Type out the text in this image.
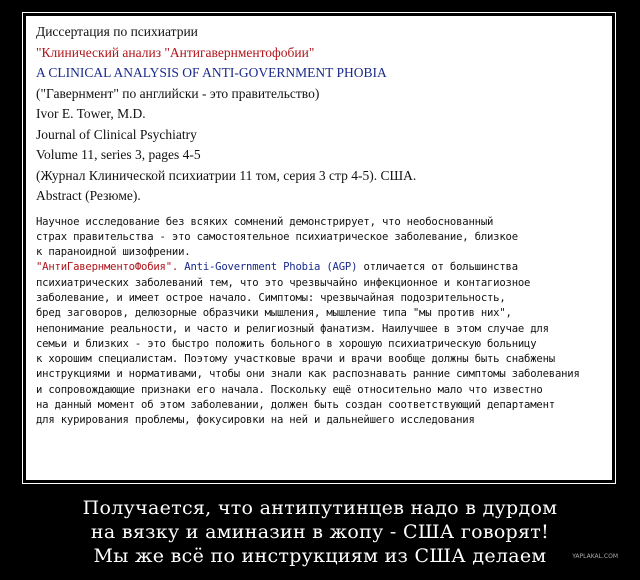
Диссертация по психиатрии
"Клинический анализ "Антигавернментофобии"
A CLINICAL ANALYSIS OF ANTI-GOVERNMENT PHOBIA
("Гавернмент" по английски - это правительство)
Ivor E. Tower, M.D.
Journal of Clinical Psychiatry
Volume 11, series 3, pages 4-5
(Журнал Клинической психиатрии 11 том, серия 3 стр 4-5). США.
Abstract (Резюме).
Научное исследование без всяких сомнений демонстрирует, что необоснованный
страх правительства - это самостоятельное психиатрическое заболевание, близкое
к параноидной шизофрении.
"АнтиГавернментоФобия". Anti-Government Phobia (AGP) отличается от большинства
психиатрических заболеваний тем, что это чрезвычайно инфекционное и контагиозное
заболевание, и имеет острое начало. Симптомы: чрезвычайная подозрительность,
бред заговоров, делюзорные образчики мышления, мышление типа "мы против них",
непонимание реальности, и часто и религиозный фанатизм. Наилучшее в этом случае для
семьи и близких - это быстро положить больного в хорошую психиатрическую больницу
к хорошим специалистам. Поэтому участковые врачи и врачи вообще должны быть снабжены
инструкциями и нормативами, чтобы они знали как распознавать ранние симптомы заболевания
и сопровождающие признаки его начала. Поскольку ещё относительно мало что известно
на данный момент об этом заболевании, должен быть создан соответствующий департамент
для курирования проблемы, фокусировки на ней и дальнейшего исследования
Получается, что антипутинцев надо в дурдом
на вязку и аминазин в жопу - США говорят!
Мы же всё по инструкциям из США делаем	YAPLAKAL.COM
